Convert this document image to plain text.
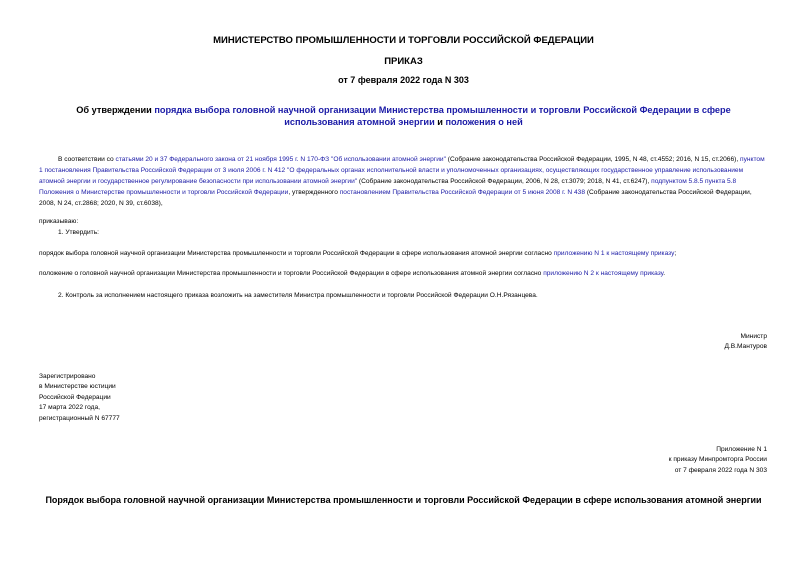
МИНИСТЕРСТВО ПРОМЫШЛЕННОСТИ И ТОРГОВЛИ РОССИЙСКОЙ ФЕДЕРАЦИИ
ПРИКАЗ
от 7 февраля 2022 года N 303
Об утверждении порядка выбора головной научной организации Министерства промышленности и торговли Российской Федерации в сфере использования атомной энергии и положения о ней
В соответствии со статьями 20 и 37 Федерального закона от 21 ноября 1995 г. N 170-ФЗ "Об использовании атомной энергии" (Собрание законодательства Российской Федерации, 1995, N 48, ст.4552; 2016, N 15, ст.2066), пунктом 1 постановления Правительства Российской Федерации от 3 июля 2006 г. N 412 "О федеральных органах исполнительной власти и уполномоченных организациях, осуществляющих государственное управление использованием атомной энергии и государственное регулирование безопасности при использовании атомной энергии" (Собрание законодательства Российской Федерации, 2006, N 28, ст.3079; 2018, N 41, ст.6247), подпунктом 5.8.5 пункта 5.8 Положения о Министерстве промышленности и торговли Российской Федерации, утвержденного постановлением Правительства Российской Федерации от 5 июня 2008 г. N 438 (Собрание законодательства Российской Федерации, 2008, N 24, ст.2868; 2020, N 39, ст.6038),
приказываю:
1. Утвердить:
порядок выбора головной научной организации Министерства промышленности и торговли Российской Федерации в сфере использования атомной энергии согласно приложению N 1 к настоящему приказу;
положение о головной научной организации Министерства промышленности и торговли Российской Федерации в сфере использования атомной энергии согласно приложению N 2 к настоящему приказу.
2. Контроль за исполнением настоящего приказа возложить на заместителя Министра промышленности и торговли Российской Федерации О.Н.Рязанцева.
Министр
Д.В.Мантуров
Зарегистрировано
в Министерстве юстиции
Российской Федерации
17 марта 2022 года,
регистрационный N 67777
Приложение N 1
к приказу Минпромторга России
от 7 февраля 2022 года N 303
Порядок выбора головной научной организации Министерства промышленности и торговли Российской Федерации в сфере использования атомной энергии
